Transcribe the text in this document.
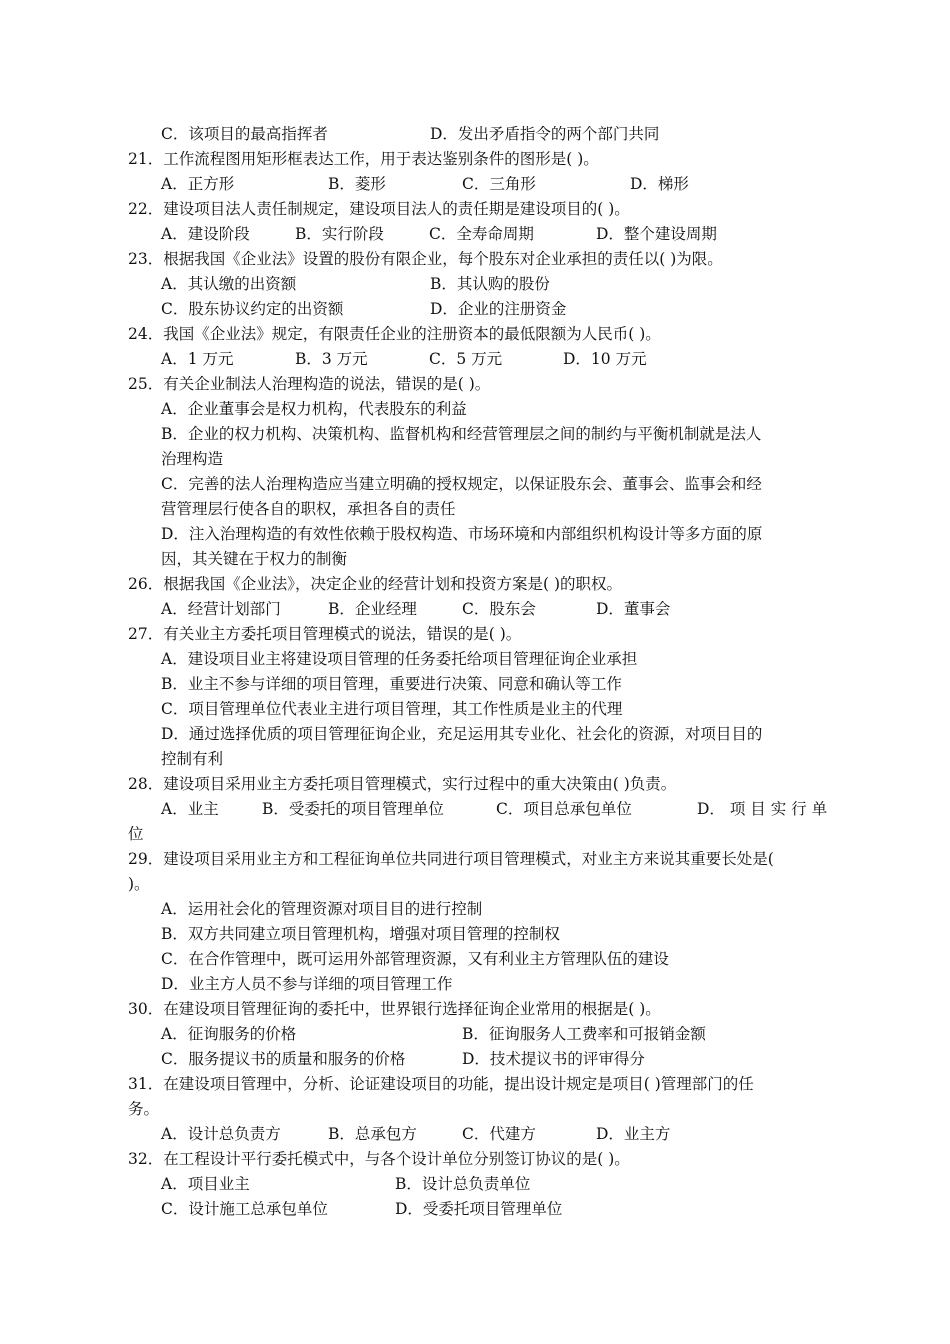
C．该项目的最高指挥者	D．发出矛盾指令的两个部门共同
21．工作流程图用矩形框表达工作，用于表达鉴别条件的图形是( )。
A．正方形	B．菱形	C．三角形	D．梯形
22．建设项目法人责任制规定，建设项目法人的责任期是建设项目的( )。
A．建设阶段	B．实行阶段	C．全寿命周期	D．整个建设周期
23．根据我国《企业法》设置的股份有限企业，每个股东对企业承担的责任以( )为限。
A．其认缴的出资额	B．其认购的股份
C．股东协议约定的出资额	D．企业的注册资金
24．我国《企业法》规定，有限责任企业的注册资本的最低限额为人民币( )。
A．1 万元	B．3 万元	C．5 万元	D．10 万元
25．有关企业制法人治理构造的说法，错误的是( )。
A．企业董事会是权力机构，代表股东的利益
B．企业的权力机构、决策机构、监督机构和经营管理层之间的制约与平衡机制就是法人
治理构造
C．完善的法人治理构造应当建立明确的授权规定，以保证股东会、董事会、监事会和经
营管理层行使各自的职权，承担各自的责任
D．注入治理构造的有效性依赖于股权构造、市场环境和内部组织机构设计等多方面的原
因，其关键在于权力的制衡
26．根据我国《企业法》，决定企业的经营计划和投资方案是( )的职权。
A．经营计划部门	B．企业经理	C．股东会	D．董事会
27．有关业主方委托项目管理模式的说法，错误的是( )。
A．建设项目业主将建设项目管理的任务委托给项目管理征询企业承担
B．业主不参与详细的项目管理，重要进行决策、同意和确认等工作
C．项目管理单位代表业主进行项目管理，其工作性质是业主的代理
D．通过选择优质的项目管理征询企业，充足运用其专业化、社会化的资源，对项目目的
控制有利
28．建设项目采用业主方委托项目管理模式，实行过程中的重大决策由( )负责。
A．业主	B．受委托的项目管理单位	C．项目总承包单位	D． 项 目 实 行 单
位
29．建设项目采用业主方和工程征询单位共同进行项目管理模式，对业主方来说其重要长处是(
)。
A．运用社会化的管理资源对项目目的进行控制
B．双方共同建立项目管理机构，增强对项目管理的控制权
C．在合作管理中，既可运用外部管理资源，又有利业主方管理队伍的建设
D．业主方人员不参与详细的项目管理工作
30．在建设项目管理征询的委托中，世界银行选择征询企业常用的根据是( )。
A．征询服务的价格	B．征询服务人工费率和可报销金额
C．服务提议书的质量和服务的价格	D．技术提议书的评审得分
31．在建设项目管理中，分析、论证建设项目的功能，提出设计规定是项目( )管理部门的任
务。
A．设计总负责方	B．总承包方	C．代建方	D．业主方
32．在工程设计平行委托模式中，与各个设计单位分别签订协议的是( )。
A．项目业主	B．设计总负责单位
C．设计施工总承包单位	D．受委托项目管理单位
